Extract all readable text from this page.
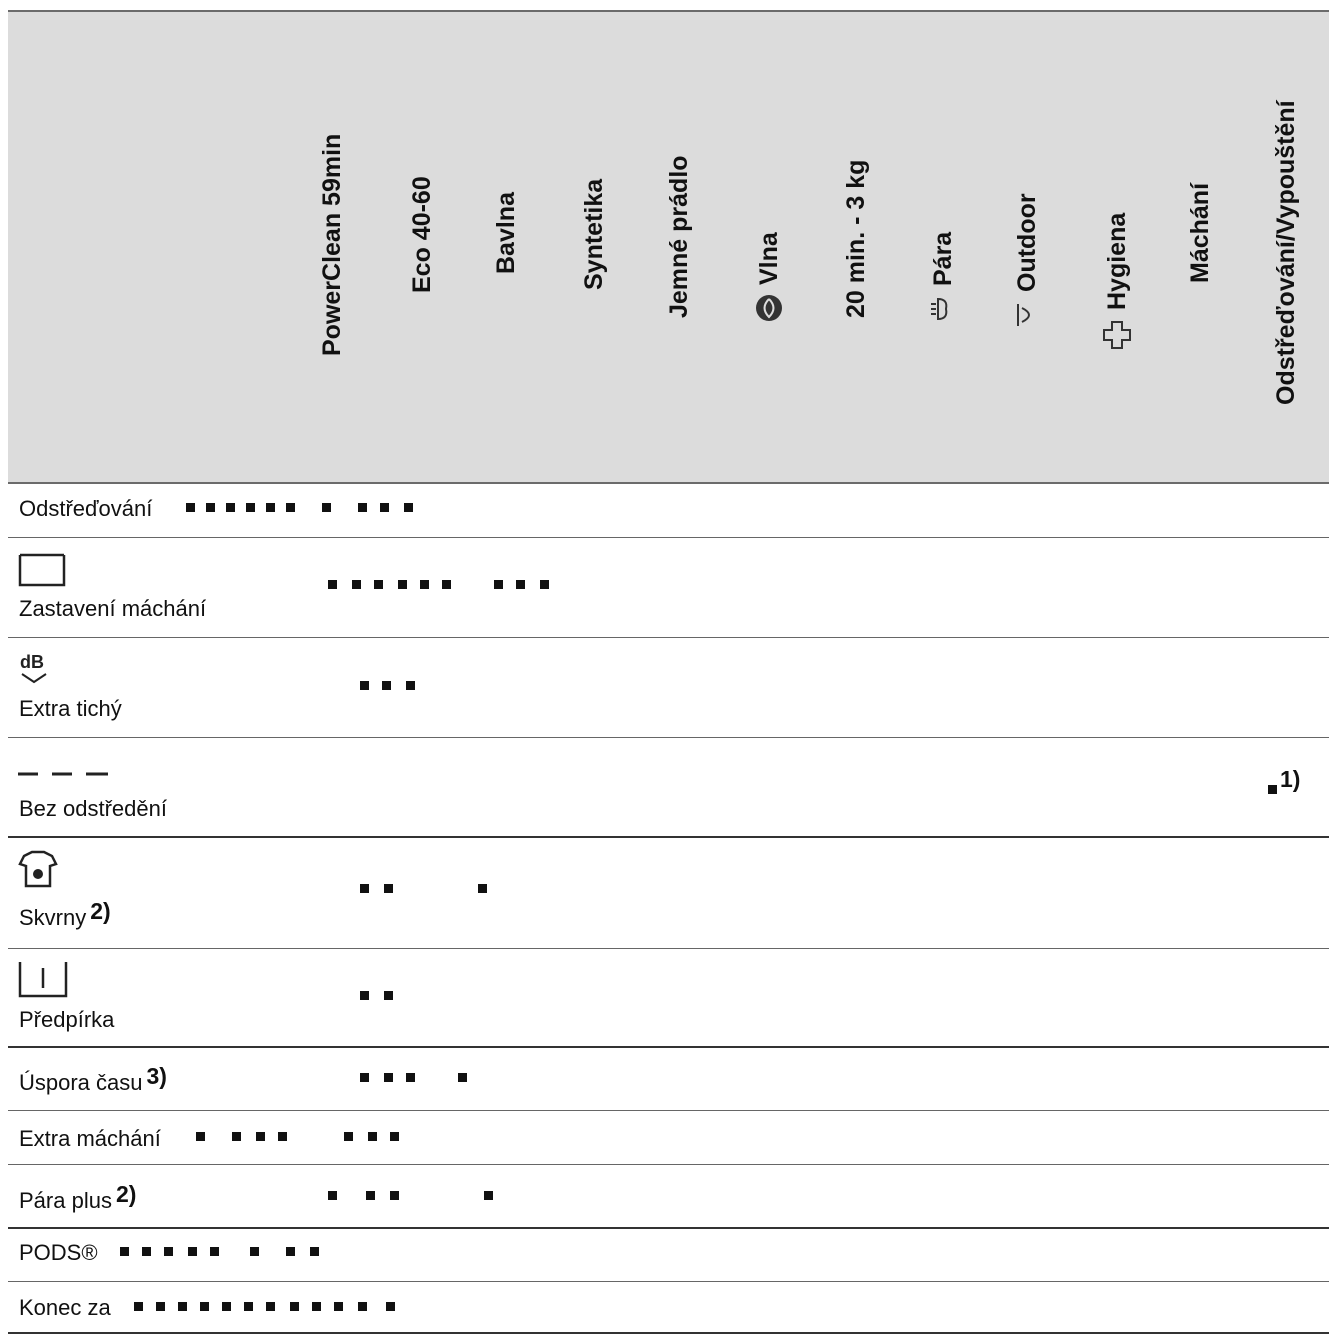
PowerClean 59min Eco 40-60 Bavlna Syntetika Jemné prádlo Vlna 20 min. - 3 kg Pára Outdoor Hygiena Máchání Odstřeďování/Vypouštění
Odstřeďování
Zastavení máchání
dB
Extra tichý
Bez odstředění
1)
Skvrny 2)
Předpírka
Úspora času 3)
Extra máchání
Pára plus 2)
PODS®
Konec za
